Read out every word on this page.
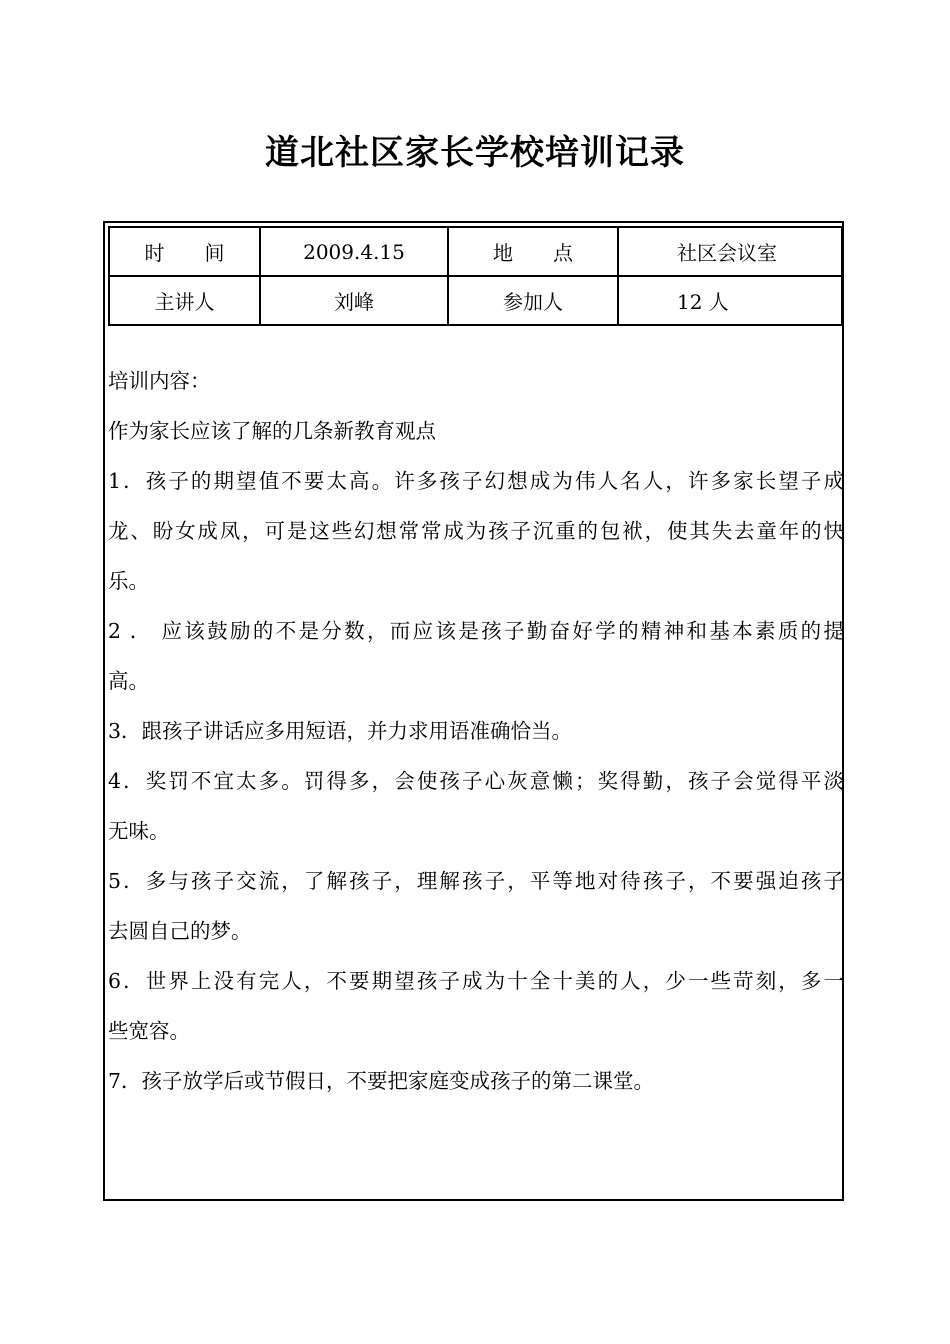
道北社区家长学校培训记录
时　　间	2009.4.15	地　　点	社区会议室
主讲人	刘峰	参加人	12 人
培训内容：
作为家长应该了解的几条新教育观点
1．孩子的期望值不要太高。许多孩子幻想成为伟人名人，许多家长望子成
龙、盼女成凤，可是这些幻想常常成为孩子沉重的包袱，使其失去童年的快
乐。
2 ． 应该鼓励的不是分数，而应该是孩子勤奋好学的精神和基本素质的提
高。
3．跟孩子讲话应多用短语，并力求用语准确恰当。
4．奖罚不宜太多。罚得多，会使孩子心灰意懒；奖得勤，孩子会觉得平淡
无味。
5．多与孩子交流，了解孩子，理解孩子，平等地对待孩子，不要强迫孩子
去圆自己的梦。
6．世界上没有完人，不要期望孩子成为十全十美的人，少一些苛刻，多一
些宽容。
7．孩子放学后或节假日，不要把家庭变成孩子的第二课堂。
